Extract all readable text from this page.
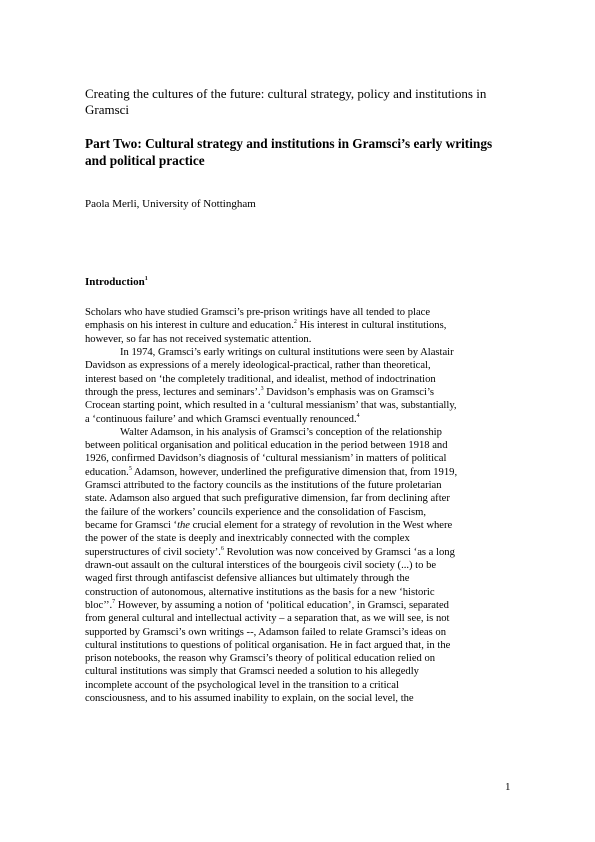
Creating the cultures of the future: cultural strategy, policy and institutions in Gramsci
Part Two: Cultural strategy and institutions in Gramsci’s early writings and political practice
Paola Merli, University of Nottingham
Introduction$^1$
Scholars who have studied Gramsci’s pre-prison writings have all tended to place
emphasis on his interest in culture and education.$^2$ His interest in cultural institutions,
however, so far has not received systematic attention.
In 1974, Gramsci’s early writings on cultural institutions were seen by Alastair
Davidson as expressions of a merely ideological-practical, rather than theoretical,
interest based on ‘the completely traditional, and idealist, method of indoctrination
through the press, lectures and seminars’.$^3$ Davidson’s emphasis was on Gramsci’s
Crocean starting point, which resulted in a ‘cultural messianism’ that was, substantially,
a ‘continuous failure’ and which Gramsci eventually renounced.$^4$
Walter Adamson, in his analysis of Gramsci’s conception of the relationship
between political organisation and political education in the period between 1918 and
1926, confirmed Davidson’s diagnosis of ‘cultural messianism’ in matters of political
education.$^5$ Adamson, however, underlined the prefigurative dimension that, from 1919,
Gramsci attributed to the factory councils as the institutions of the future proletarian
state. Adamson also argued that such prefigurative dimension, far from declining after
the failure of the workers’ councils experience and the consolidation of Fascism,
became for Gramsci ‘the crucial element for a strategy of revolution in the West where
the power of the state is deeply and inextricably connected with the complex
superstructures of civil society’.$^6$ Revolution was now conceived by Gramsci ‘as a long
drawn-out assault on the cultural interstices of the bourgeois civil society (...) to be
waged first through antifascist defensive alliances but ultimately through the
construction of autonomous, alternative institutions as the basis for a new ‘historic
bloc’’.$^7$ However, by assuming a notion of ‘political education’, in Gramsci, separated
from general cultural and intellectual activity – a separation that, as we will see, is not
supported by Gramsci’s own writings --, Adamson failed to relate Gramsci’s ideas on
cultural institutions to questions of political organisation. He in fact argued that, in the
prison notebooks, the reason why Gramsci’s theory of political education relied on
cultural institutions was simply that Gramsci needed a solution to his allegedly
incomplete account of the psychological level in the transition to a critical
consciousness, and to his assumed inability to explain, on the social level, the
1
